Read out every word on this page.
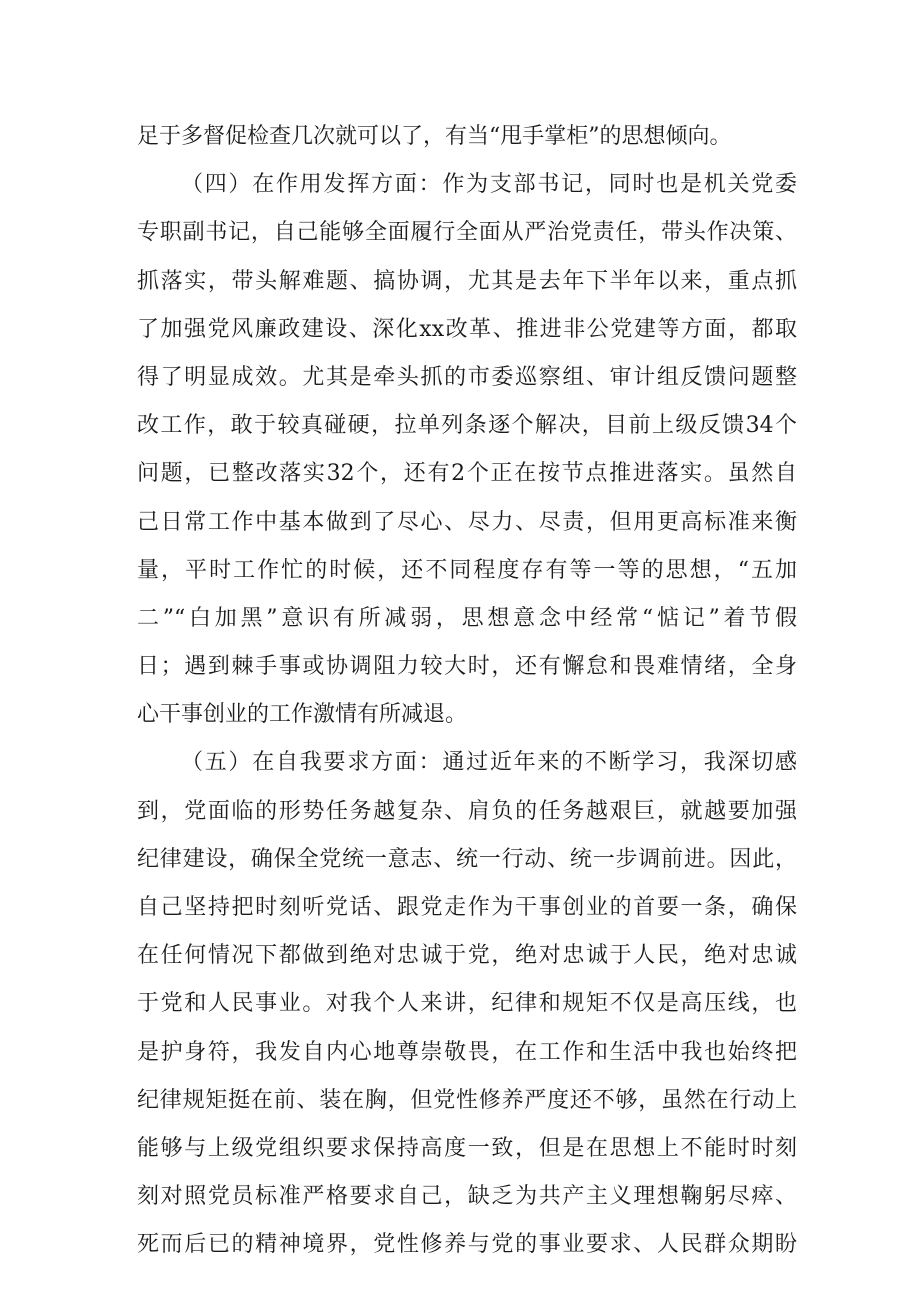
足于多督促检查几次就可以了，有当“甩手掌柜”的思想倾向。
（四）在作用发挥方面：作为支部书记，同时也是机关党委
专职副书记，自己能够全面履行全面从严治党责任，带头作决策、
抓落实，带头解难题、搞协调，尤其是去年下半年以来，重点抓
了加强党风廉政建设、深化xx改革、推进非公党建等方面，都取
得了明显成效。尤其是牵头抓的市委巡察组、审计组反馈问题整
改工作，敢于较真碰硬，拉单列条逐个解决，目前上级反馈34个
问题，已整改落实32个，还有2个正在按节点推进落实。虽然自
己日常工作中基本做到了尽心、尽力、尽责，但用更高标准来衡
量，平时工作忙的时候，还不同程度存有等一等的思想，“五加
二”“白加黑”意识有所减弱，思想意念中经常“惦记”着节假
日；遇到棘手事或协调阻力较大时，还有懈怠和畏难情绪，全身
心干事创业的工作激情有所减退。
（五）在自我要求方面：通过近年来的不断学习，我深切感
到，党面临的形势任务越复杂、肩负的任务越艰巨，就越要加强
纪律建设，确保全党统一意志、统一行动、统一步调前进。因此，
自己坚持把时刻听党话、跟党走作为干事创业的首要一条，确保
在任何情况下都做到绝对忠诚于党，绝对忠诚于人民，绝对忠诚
于党和人民事业。对我个人来讲，纪律和规矩不仅是高压线，也
是护身符，我发自内心地尊崇敬畏，在工作和生活中我也始终把
纪律规矩挺在前、装在胸，但党性修养严度还不够，虽然在行动上
能够与上级党组织要求保持高度一致，但是在思想上不能时时刻
刻对照党员标准严格要求自己，缺乏为共产主义理想鞠躬尽瘁、
死而后已的精神境界，党性修养与党的事业要求、人民群众期盼
